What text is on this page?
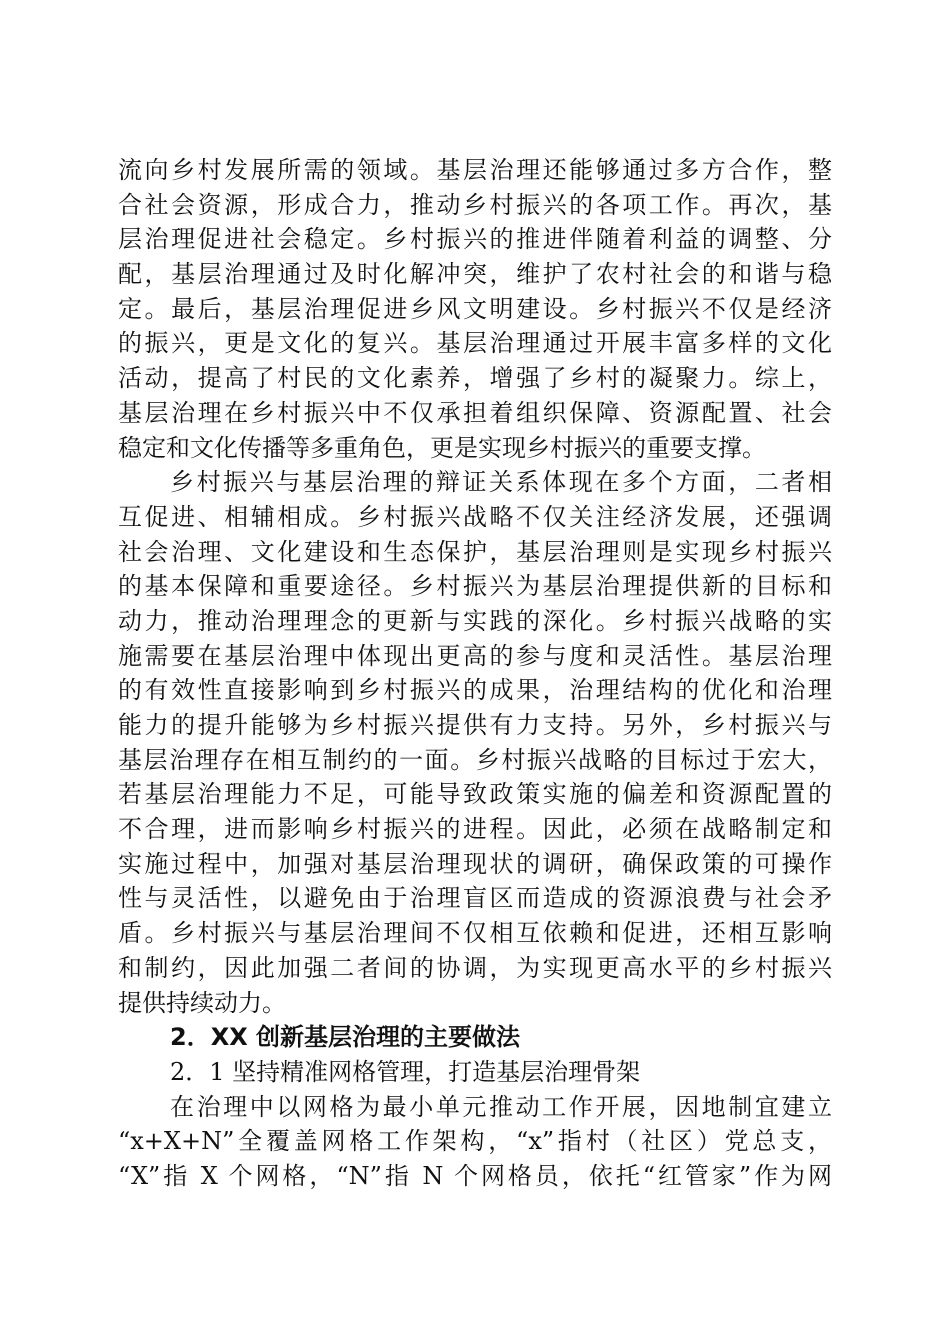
流向乡村发展所需的领域。基层治理还能够通过多方合作，整
合社会资源，形成合力，推动乡村振兴的各项工作。再次，基
层治理促进社会稳定。乡村振兴的推进伴随着利益的调整、分
配，基层治理通过及时化解冲突，维护了农村社会的和谐与稳
定。最后，基层治理促进乡风文明建设。乡村振兴不仅是经济
的振兴，更是文化的复兴。基层治理通过开展丰富多样的文化
活动，提高了村民的文化素养，增强了乡村的凝聚力。综上，
基层治理在乡村振兴中不仅承担着组织保障、资源配置、社会
稳定和文化传播等多重角色，更是实现乡村振兴的重要支撑。
乡村振兴与基层治理的辩证关系体现在多个方面，二者相
互促进、相辅相成。乡村振兴战略不仅关注经济发展，还强调
社会治理、文化建设和生态保护，基层治理则是实现乡村振兴
的基本保障和重要途径。乡村振兴为基层治理提供新的目标和
动力，推动治理理念的更新与实践的深化。乡村振兴战略的实
施需要在基层治理中体现出更高的参与度和灵活性。基层治理
的有效性直接影响到乡村振兴的成果，治理结构的优化和治理
能力的提升能够为乡村振兴提供有力支持。另外，乡村振兴与
基层治理存在相互制约的一面。乡村振兴战略的目标过于宏大，
若基层治理能力不足，可能导致政策实施的偏差和资源配置的
不合理，进而影响乡村振兴的进程。因此，必须在战略制定和
实施过程中，加强对基层治理现状的调研，确保政策的可操作
性与灵活性，以避免由于治理盲区而造成的资源浪费与社会矛
盾。乡村振兴与基层治理间不仅相互依赖和促进，还相互影响
和制约，因此加强二者间的协调，为实现更高水平的乡村振兴
提供持续动力。
2．XX 创新基层治理的主要做法
2．1 坚持精准网格管理，打造基层治理骨架
在治理中以网格为最小单元推动工作开展，因地制宜建立
“x+X+N”全覆盖网格工作架构，“x”指村（社区）党总支，
“X”指 X 个网格，“N”指 N 个网格员，依托“红管家”作为网
